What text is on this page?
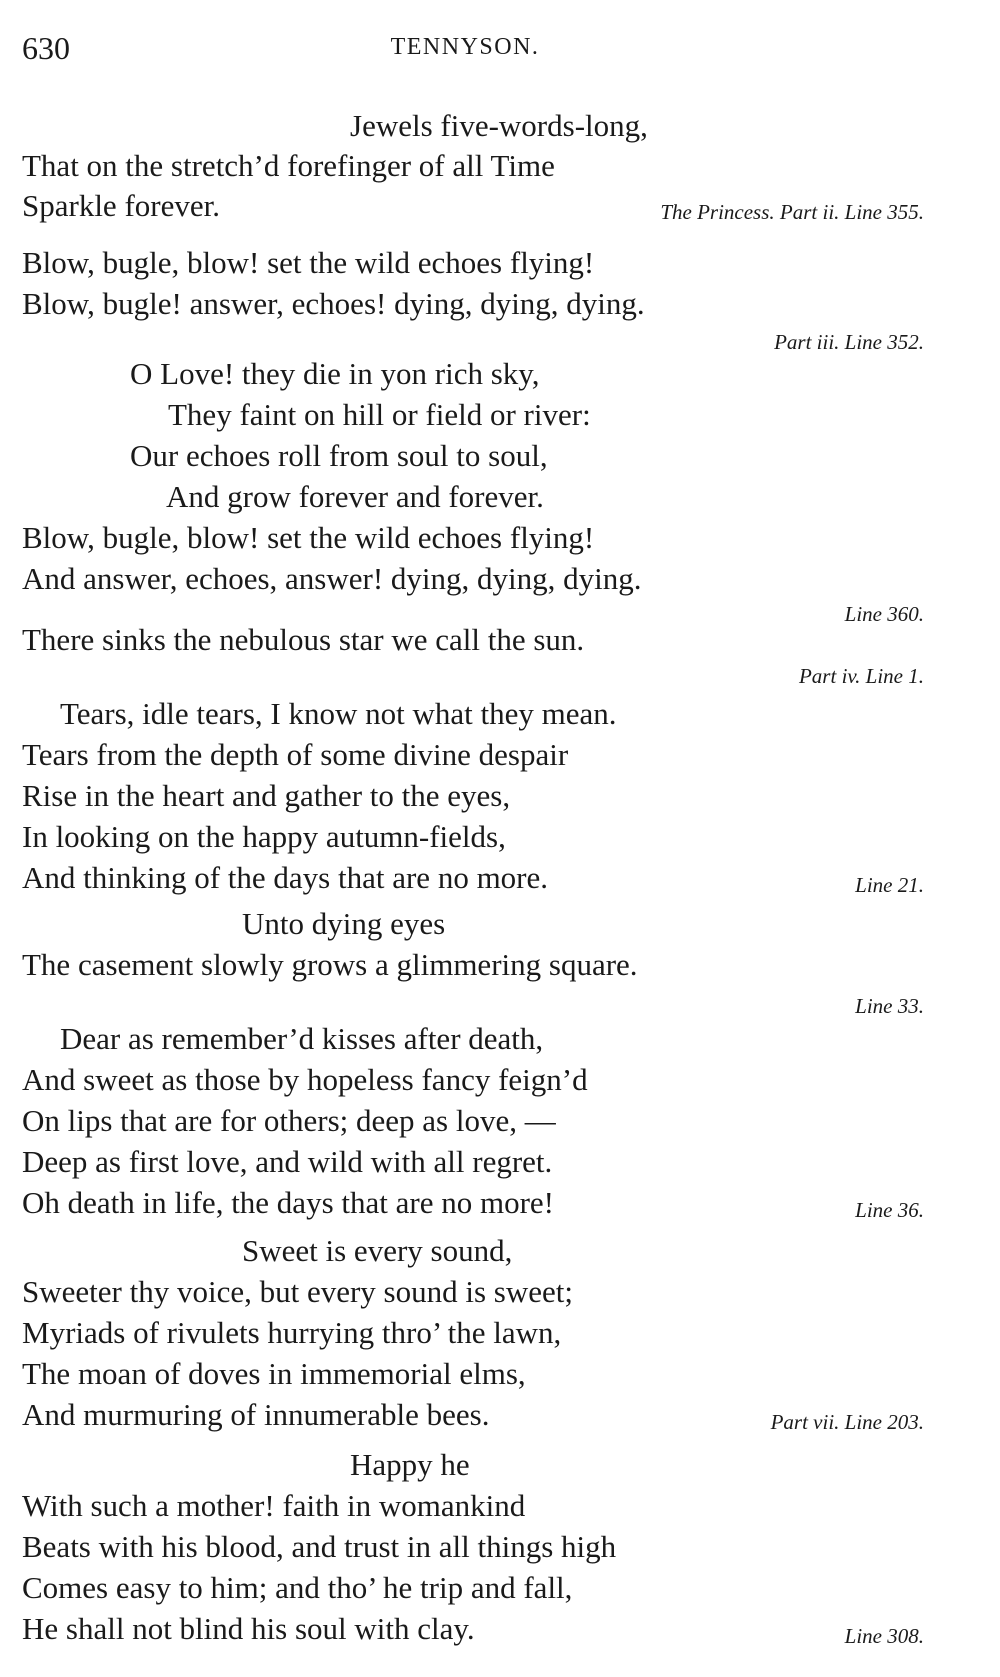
630	TENNYSON.
Jewels five-words-long,
That on the stretch’d forefinger of all Time
Sparkle forever.	The Princess. Part ii. Line 355.
Blow, bugle, blow! set the wild echoes flying!
Blow, bugle! answer, echoes! dying, dying, dying.
Part iii. Line 352.
O Love! they die in yon rich sky,
They faint on hill or field or river:
Our echoes roll from soul to soul,
And grow forever and forever.
Blow, bugle, blow! set the wild echoes flying!
And answer, echoes, answer! dying, dying, dying.
Line 360.
There sinks the nebulous star we call the sun.
Part iv. Line 1.
Tears, idle tears, I know not what they mean.
Tears from the depth of some divine despair
Rise in the heart and gather to the eyes,
In looking on the happy autumn-fields,
And thinking of the days that are no more.	Line 21.
Unto dying eyes
The casement slowly grows a glimmering square.
Line 33.
Dear as remember’d kisses after death,
And sweet as those by hopeless fancy feign’d
On lips that are for others; deep as love, —
Deep as first love, and wild with all regret.
Oh death in life, the days that are no more!	Line 36.
Sweet is every sound,
Sweeter thy voice, but every sound is sweet;
Myriads of rivulets hurrying thro’ the lawn,
The moan of doves in immemorial elms,
And murmuring of innumerable bees.	Part vii. Line 203.
Happy he
With such a mother! faith in womankind
Beats with his blood, and trust in all things high
Comes easy to him; and tho’ he trip and fall,
He shall not blind his soul with clay.	Line 308.
